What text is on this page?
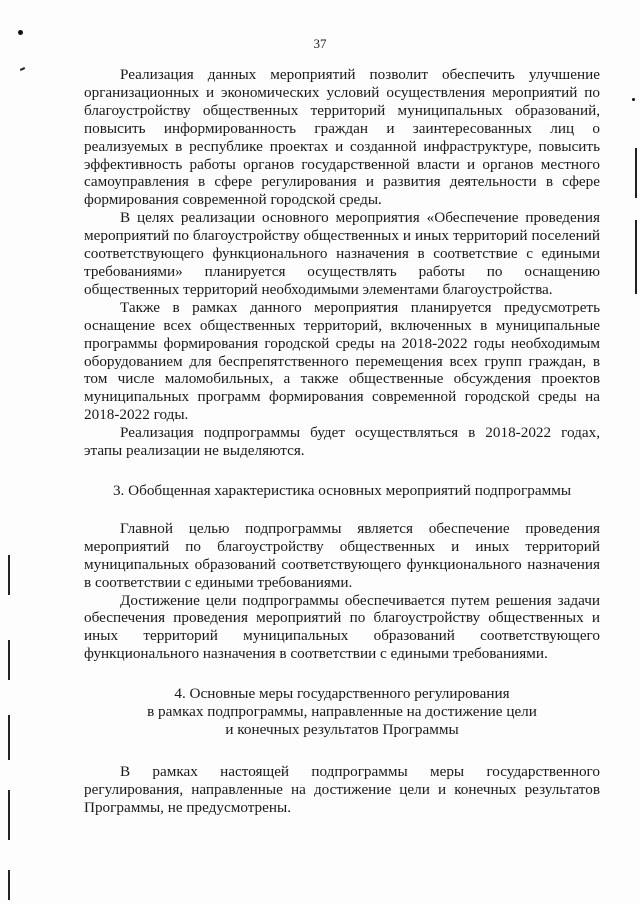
37

Реализация данных мероприятий позволит обеспечить улучшение организационных и экономических условий осуществления мероприятий по благоустройству общественных территорий муниципальных образований, повысить информированность граждан и заинтересованных лиц о реализуемых в республике проектах и созданной инфраструктуре, повысить эффективность работы органов государственной власти и органов местного самоуправления в сфере регулирования и развития деятельности в сфере формирования современной городской среды.

В целях реализации основного мероприятия «Обеспечение проведения мероприятий по благоустройству общественных и иных территорий поселений соответствующего функционального назначения в соответствие с едиными требованиями» планируется осуществлять работы по оснащению общественных территорий необходимыми элементами благоустройства.

Также в рамках данного мероприятия планируется предусмотреть оснащение всех общественных территорий, включенных в муниципальные программы формирования городской среды на 2018-2022 годы необходимым оборудованием для беспрепятственного перемещения всех групп граждан, в том числе маломобильных, а также общественные обсуждения проектов муниципальных программ формирования современной городской среды на 2018-2022 годы.

Реализация подпрограммы будет осуществляться в 2018-2022 годах, этапы реализации не выделяются.

3. Обобщенная характеристика основных мероприятий подпрограммы

Главной целью подпрограммы является обеспечение проведения мероприятий по благоустройству общественных и иных территорий муниципальных образований соответствующего функционального назначения в соответствии с едиными требованиями.

Достижение цели подпрограммы обеспечивается путем решения задачи обеспечения проведения мероприятий по благоустройству общественных и иных территорий муниципальных образований соответствующего функционального назначения в соответствии с едиными требованиями.

4. Основные меры государственного регулирования
в рамках подпрограммы, направленные на достижение цели
и конечных результатов Программы

В рамках настоящей подпрограммы меры государственного регулирования, направленные на достижение цели и конечных результатов Программы, не предусмотрены.
